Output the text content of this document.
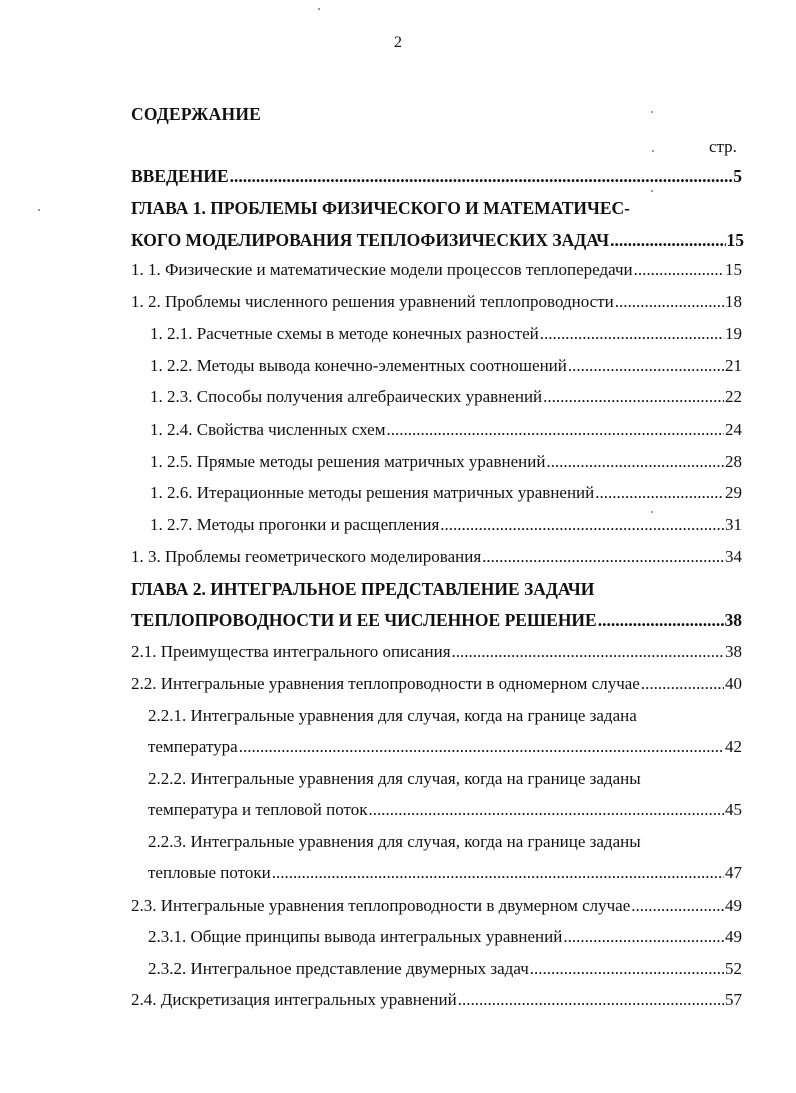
2
СОДЕРЖАНИЕ
стр.
ВВЕДЕНИЕ .....	5
ГЛАВА 1. ПРОБЛЕМЫ ФИЗИЧЕСКОГО И МАТЕМАТИЧЕС-
КОГО МОДЕЛИРОВАНИЯ ТЕПЛОФИЗИЧЕСКИХ ЗАДАЧ .....	15
1. 1. Физические и математические модели процессов теплопередачи .....	15
1. 2. Проблемы численного решения уравнений теплопроводности .....	18
1. 2.1. Расчетные схемы в методе конечных разностей .....	19
1. 2.2. Методы вывода конечно-элементных соотношений .....	21
1. 2.3. Способы получения алгебраических уравнений .....	22
1. 2.4. Свойства численных схем .....	24
1. 2.5. Прямые методы решения матричных уравнений .....	28
1. 2.6. Итерационные методы решения матричных уравнений .....	29
1. 2.7. Методы прогонки и расщепления .....	31
1. 3. Проблемы геометрического моделирования .....	34
ГЛАВА 2. ИНТЕГРАЛЬНОЕ ПРЕДСТАВЛЕНИЕ ЗАДАЧИ
ТЕПЛОПРОВОДНОСТИ И ЕЕ ЧИСЛЕННОЕ РЕШЕНИЕ .....	38
2.1. Преимущества интегрального описания .....	38
2.2. Интегральные уравнения теплопроводности в одномерном случае .....	40
2.2.1. Интегральные уравнения для случая, когда на границе задана
температура .....	42
2.2.2. Интегральные уравнения для случая, когда на границе заданы
температура и тепловой поток .....	45
2.2.3. Интегральные уравнения для случая, когда на границе заданы
тепловые потоки .....	47
2.3. Интегральные уравнения теплопроводности в двумерном случае .....	49
2.3.1. Общие принципы вывода интегральных уравнений .....	49
2.3.2. Интегральное представление двумерных задач .....	52
2.4. Дискретизация интегральных уравнений .....	57
